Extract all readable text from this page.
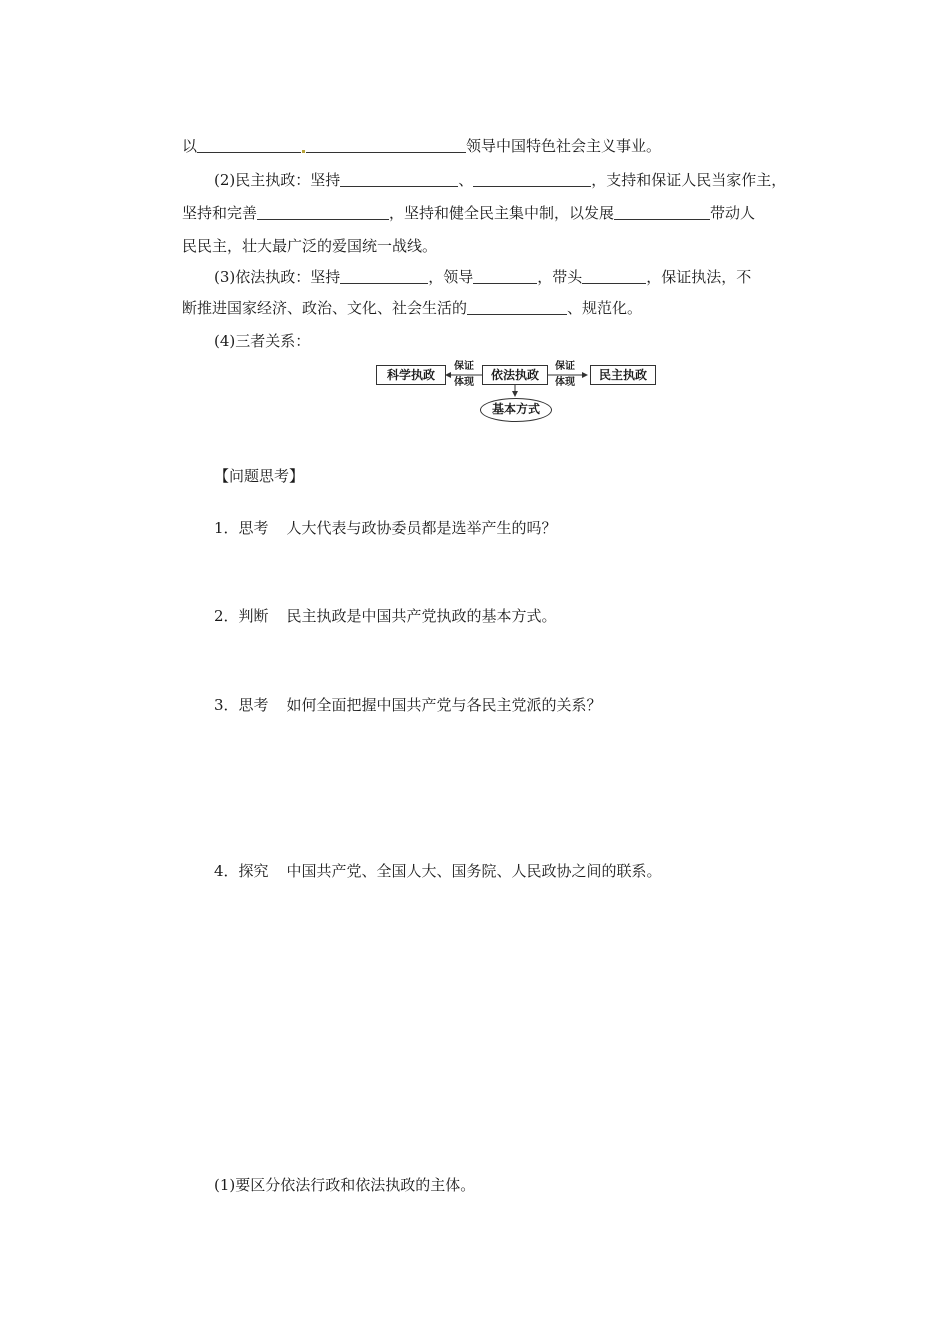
以	领导中国特色社会主义事业。
(2)民主执政：坚持	、	，支持和保证人民当家作主，
坚持和完善	，坚持和健全民主集中制，以发展	带动人
民民主，壮大最广泛的爱国统一战线。
(3)依法执政：坚持	，领导	，带头	，保证执法，不
断推进国家经济、政治、文化、社会生活的	、规范化。
(4)三者关系：
科学执政
保证
体现
依法执政
保证
体现
民主执政
基本方式
【问题思考】
1．思考 人大代表与政协委员都是选举产生的吗？
2．判断 民主执政是中国共产党执政的基本方式。
3．思考 如何全面把握中国共产党与各民主党派的关系？
4．探究 中国共产党、全国人大、国务院、人民政协之间的联系。
(1)要区分依法行政和依法执政的主体。
